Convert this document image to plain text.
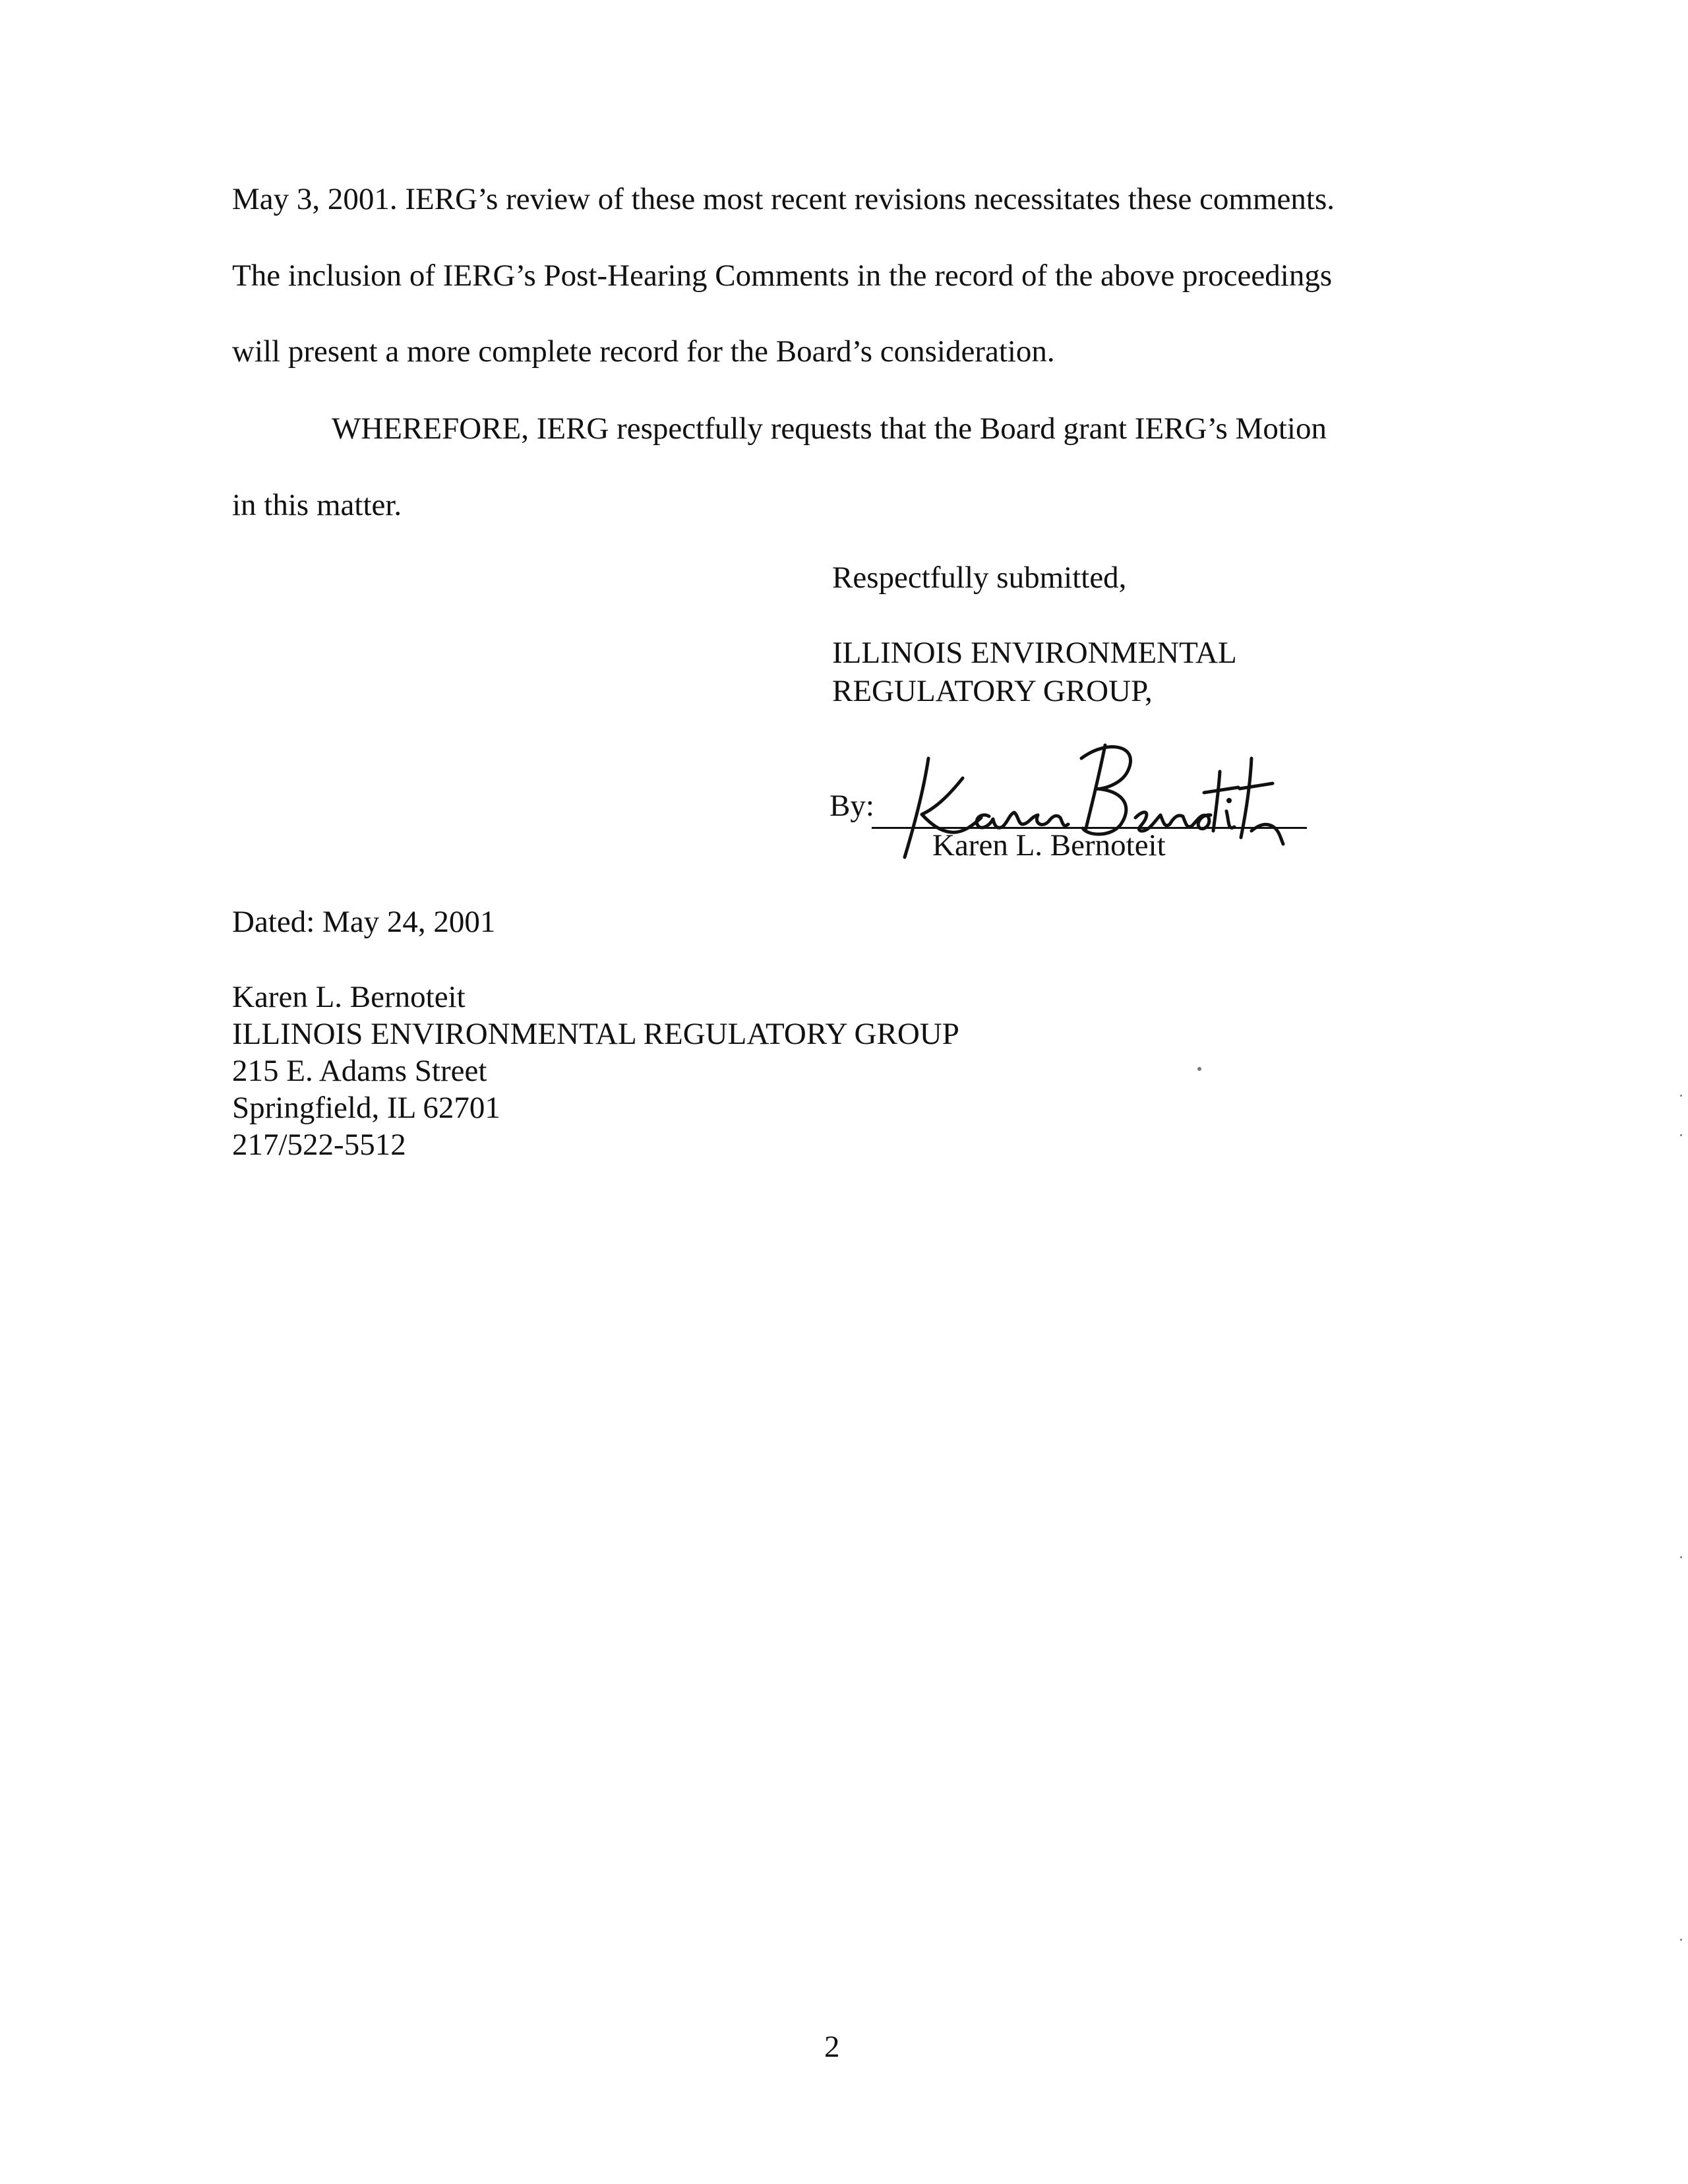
May 3, 2001. IERG’s review of these most recent revisions necessitates these comments.
The inclusion of IERG’s Post-Hearing Comments in the record of the above proceedings
will present a more complete record for the Board’s consideration.
WHEREFORE, IERG respectfully requests that the Board grant IERG’s Motion
in this matter.
Respectfully submitted,
ILLINOIS ENVIRONMENTAL
REGULATORY GROUP,
By:
Karen L. Bernoteit
Dated: May 24, 2001
Karen L. Bernoteit
ILLINOIS ENVIRONMENTAL REGULATORY GROUP
215 E. Adams Street
Springfield, IL 62701
217/522-5512
2
